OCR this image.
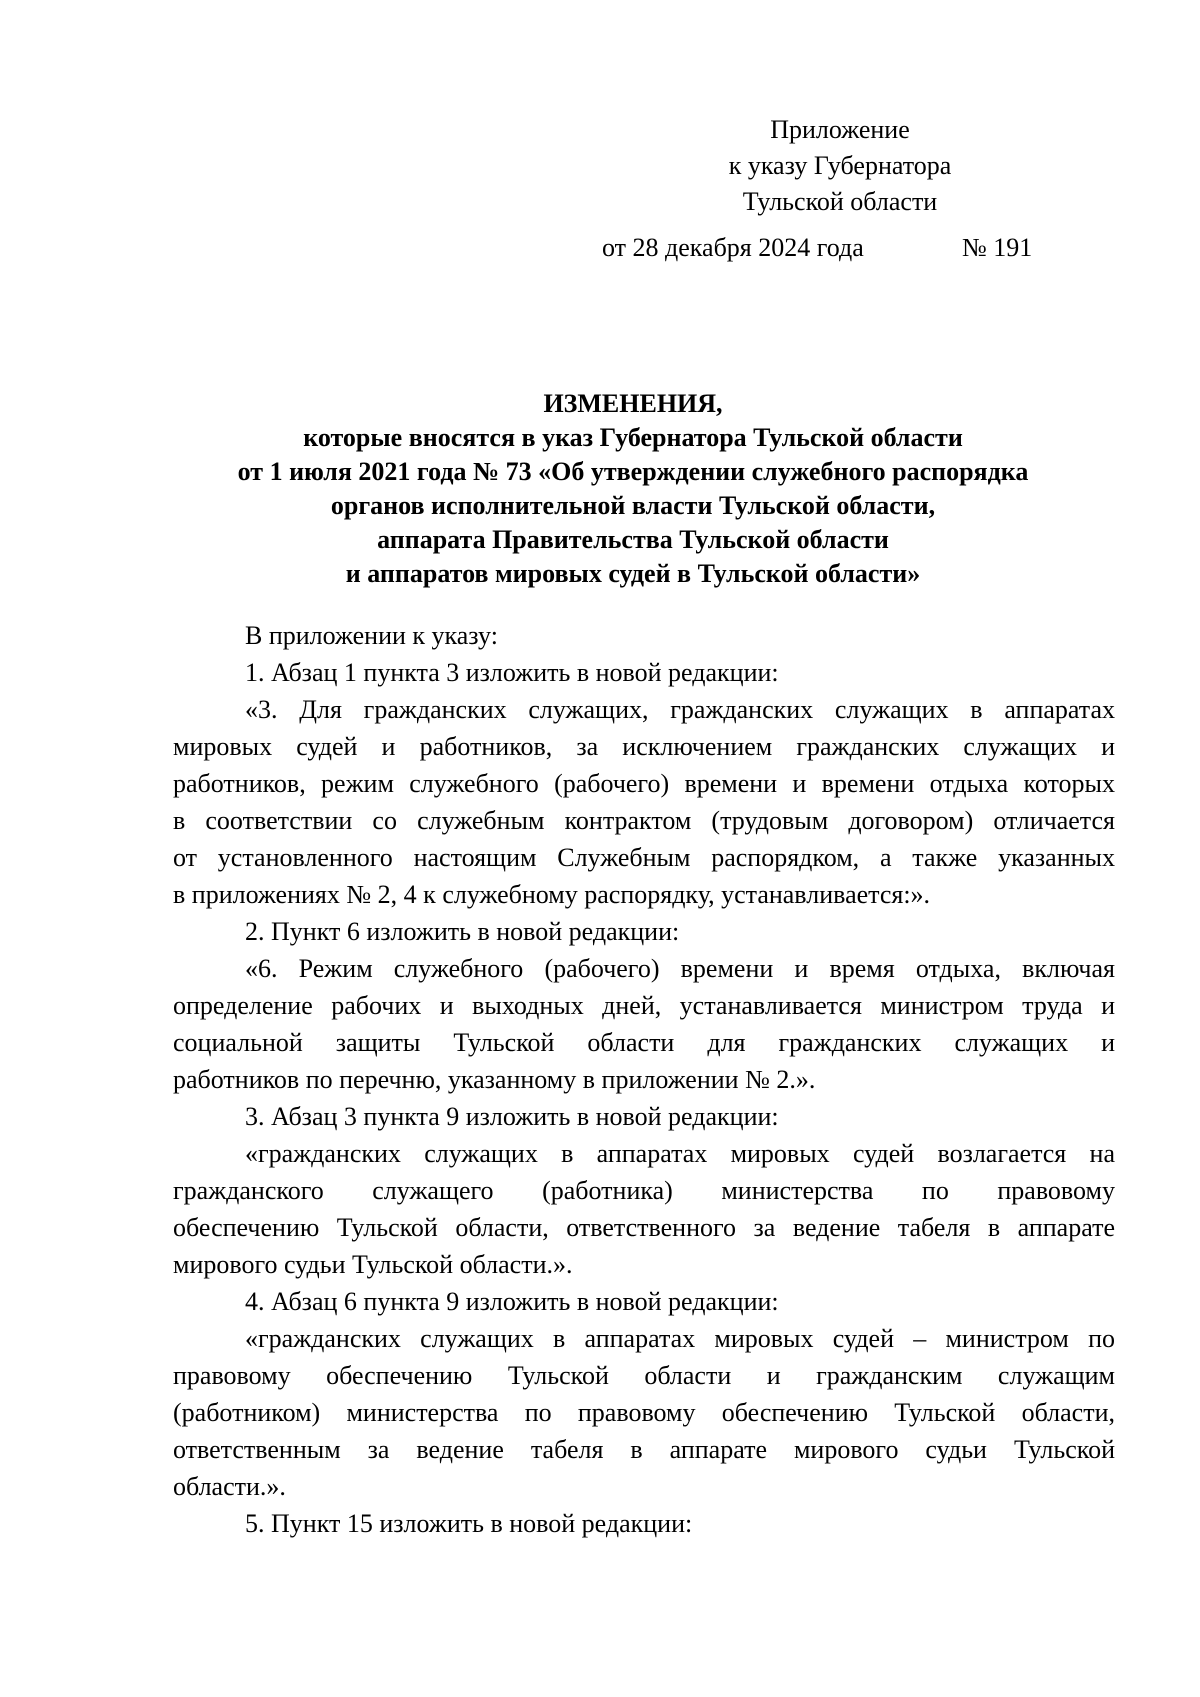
Приложение
к указу Губернатора
Тульской области
от 28 декабря 2024 года	№ 191
ИЗМЕНЕНИЯ,
которые вносятся в указ Губернатора Тульской области
от 1 июля 2021 года № 73 «Об утверждении служебного распорядка
органов исполнительной власти Тульской области,
аппарата Правительства Тульской области
и аппаратов мировых судей в Тульской области»
В приложении к указу:
1. Абзац 1 пункта 3 изложить в новой редакции:
«3. Для гражданских служащих, гражданских служащих в аппаратах
мировых судей и работников, за исключением гражданских служащих и
работников, режим служебного (рабочего) времени и времени отдыха которых
в соответствии со служебным контрактом (трудовым договором) отличается
от установленного настоящим Служебным распорядком, а также указанных
в приложениях № 2, 4 к служебному распорядку, устанавливается:».
2. Пункт 6 изложить в новой редакции:
«6. Режим служебного (рабочего) времени и время отдыха, включая
определение рабочих и выходных дней, устанавливается министром труда и
социальной защиты Тульской области для гражданских служащих и
работников по перечню, указанному в приложении № 2.».
3. Абзац 3 пункта 9 изложить в новой редакции:
«гражданских служащих в аппаратах мировых судей возлагается на
гражданского служащего (работника) министерства по правовому
обеспечению Тульской области, ответственного за ведение табеля в аппарате
мирового судьи Тульской области.».
4. Абзац 6 пункта 9 изложить в новой редакции:
«гражданских служащих в аппаратах мировых судей – министром по
правовому обеспечению Тульской области и гражданским служащим
(работником) министерства по правовому обеспечению Тульской области,
ответственным за ведение табеля в аппарате мирового судьи Тульской
области.».
5. Пункт 15 изложить в новой редакции:
